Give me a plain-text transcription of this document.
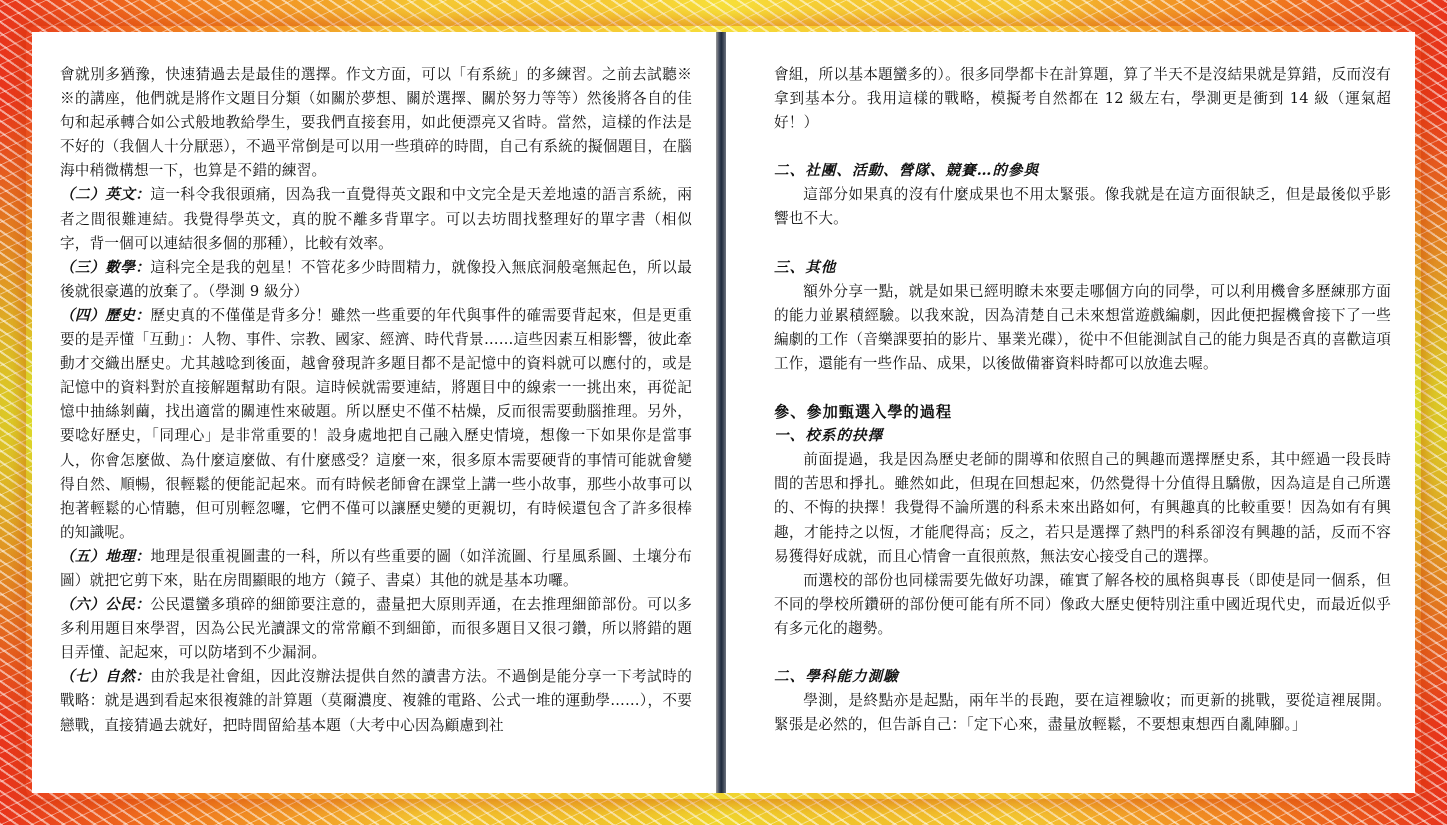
會就別多猶豫，快速猜過去是最佳的選擇。作文方面，可以「有系統」的多練習。之前去試聽※※的講座，他們就是將作文題目分類（如關於夢想、關於選擇、關於努力等等）然後將各自的佳句和起承轉合如公式般地教給學生，要我們直接套用，如此便漂亮又省時。當然，這樣的作法是不好的（我個人十分厭惡），不過平常倒是可以用一些瑣碎的時間，自己有系統的擬個題目，在腦海中稍微構想一下，也算是不錯的練習。

（二）英文：這一科令我很頭痛，因為我一直覺得英文跟和中文完全是天差地遠的語言系統，兩者之間很難連結。我覺得學英文，真的脫不離多背單字。可以去坊間找整理好的單字書（相似字，背一個可以連結很多個的那種），比較有效率。

（三）數學：這科完全是我的剋星！不管花多少時間精力，就像投入無底洞般毫無起色，所以最後就很豪邁的放棄了。（學測 9 級分）

（四）歷史：歷史真的不僅僅是背多分！雖然一些重要的年代與事件的確需要背起來，但是更重要的是弄懂「互動」：人物、事件、宗教、國家、經濟、時代背景……這些因素互相影響，彼此牽動才交織出歷史。尤其越唸到後面，越會發現許多題目都不是記憶中的資料就可以應付的，或是記憶中的資料對於直接解題幫助有限。這時候就需要連結，將題目中的線索一一挑出來，再從記憶中抽絲剝繭，找出適當的關連性來破題。所以歷史不僅不枯燥，反而很需要動腦推理。另外，要唸好歷史，「同理心」是非常重要的！設身處地把自己融入歷史情境，想像一下如果你是當事人，你會怎麼做、為什麼這麼做、有什麼感受？這麼一來，很多原本需要硬背的事情可能就會變得自然、順暢，很輕鬆的便能記起來。而有時候老師會在課堂上講一些小故事，那些小故事可以抱著輕鬆的心情聽，但可別輕忽囉，它們不僅可以讓歷史變的更親切，有時候還包含了許多很棒的知識呢。

（五）地理：地理是很重視圖畫的一科，所以有些重要的圖（如洋流圖、行星風系圖、土壤分布圖）就把它剪下來，貼在房間顯眼的地方（鏡子、書桌）其他的就是基本功囉。

（六）公民：公民還蠻多瑣碎的細節要注意的，盡量把大原則弄通，在去推理細節部份。可以多多利用題目來學習，因為公民光讀課文的常常顧不到細節，而很多題目又很刁鑽，所以將錯的題目弄懂、記起來，可以防堵到不少漏洞。

（七）自然：由於我是社會組，因此沒辦法提供自然的讀書方法。不過倒是能分享一下考試時的戰略：就是遇到看起來很複雜的計算題（莫爾濃度、複雜的電路、公式一堆的運動學……），不要戀戰，直接猜過去就好，把時間留給基本題（大考中心因為顧慮到社

會組，所以基本題蠻多的）。很多同學都卡在計算題，算了半天不是沒結果就是算錯，反而沒有拿到基本分。我用這樣的戰略，模擬考自然都在 12 級左右，學測更是衝到 14 級（運氣超好！）

二、社團、活動、營隊、競賽…的參與

這部分如果真的沒有什麼成果也不用太緊張。像我就是在這方面很缺乏，但是最後似乎影響也不大。

三、其他

額外分享一點，就是如果已經明瞭未來要走哪個方向的同學，可以利用機會多歷練那方面的能力並累積經驗。以我來說，因為清楚自己未來想當遊戲編劇，因此便把握機會接下了一些編劇的工作（音樂課要拍的影片、畢業光碟），從中不但能測試自己的能力與是否真的喜歡這項工作，還能有一些作品、成果，以後做備審資料時都可以放進去喔。

參、參加甄選入學的過程

一、校系的抉擇

前面提過，我是因為歷史老師的開導和依照自己的興趣而選擇歷史系，其中經過一段長時間的苦思和掙扎。雖然如此，但現在回想起來，仍然覺得十分值得且驕傲，因為這是自己所選的、不悔的抉擇！我覺得不論所選的科系未來出路如何，有興趣真的比較重要！因為如有有興趣，才能持之以恆，才能爬得高；反之，若只是選擇了熱門的科系卻沒有興趣的話，反而不容易獲得好成就，而且心情會一直很煎熬，無法安心接受自己的選擇。

而選校的部份也同樣需要先做好功課，確實了解各校的風格與專長（即使是同一個系，但不同的學校所鑽研的部份便可能有所不同）像政大歷史便特別注重中國近現代史，而最近似乎有多元化的趨勢。

二、學科能力測驗

學測，是終點亦是起點，兩年半的長跑，要在這裡驗收；而更新的挑戰，要從這裡展開。緊張是必然的，但告訴自己：「定下心來，盡量放輕鬆，不要想東想西自亂陣腳。」
